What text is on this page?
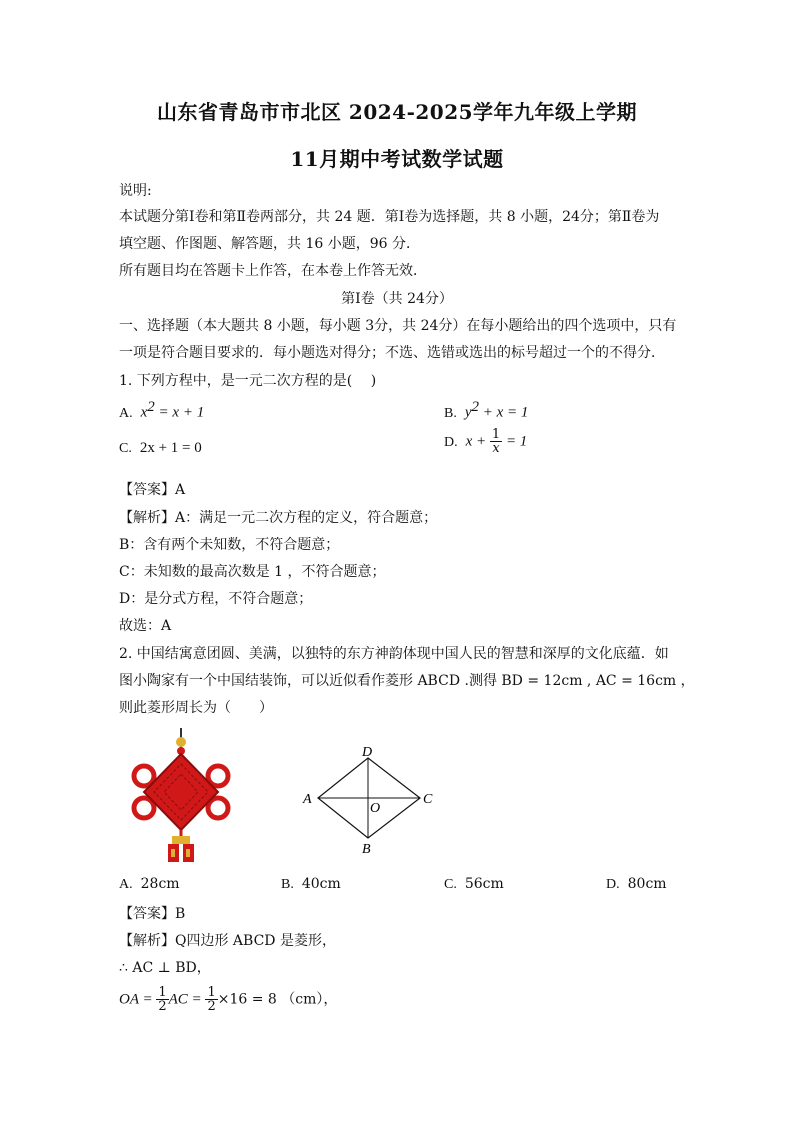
山东省青岛市市北区 2024-2025学年九年级上学期
11月期中考试数学试题
说明:
本试题分第Ⅰ卷和第Ⅱ卷两部分，共 24 题．第Ⅰ卷为选择题，共 8 小题，24分；第Ⅱ卷为
填空题、作图题、解答题，共 16 小题，96 分．
所有题目均在答题卡上作答，在本卷上作答无效．
第Ⅰ卷（共 24分）
一、选择题（本大题共 8 小题，每小题 3分，共 24分）在每小题给出的四个选项中，只有
一项是符合题目要求的．每小题选对得分；不选、选错或选出的标号超过一个的不得分．
1. 下列方程中，是一元二次方程的是(　 )
A. $x^2 = x + 1$	B. $y^2 + x = 1$
C. 2x + 1 = 0	D. $x + \frac{1}{x} = 1$
【答案】A
【解析】A：满足一元二次方程的定义，符合题意；
B：含有两个未知数，不符合题意；
C：未知数的最高次数是 1 ，不符合题意；
D：是分式方程，不符合题意；
故选：A
2. 中国结寓意团圆、美满，以独特的东方神韵体现中国人民的智慧和深厚的文化底蕴．如
图小陶家有一个中国结装饰，可以近似看作菱形 ABCD .测得 BD = 12cm , AC = 16cm ，
则此菱形周长为（　　）
D
A	C
B
O
A. 28cm	B. 40cm	C. 56cm	D. 80cm
【答案】B
【解析】Q四边形 ABCD 是菱形，
∴ AC ⊥ BD，
OA = $\frac{1}{2}$ AC = $\frac{1}{2} \times 16 = 8$ （cm），
